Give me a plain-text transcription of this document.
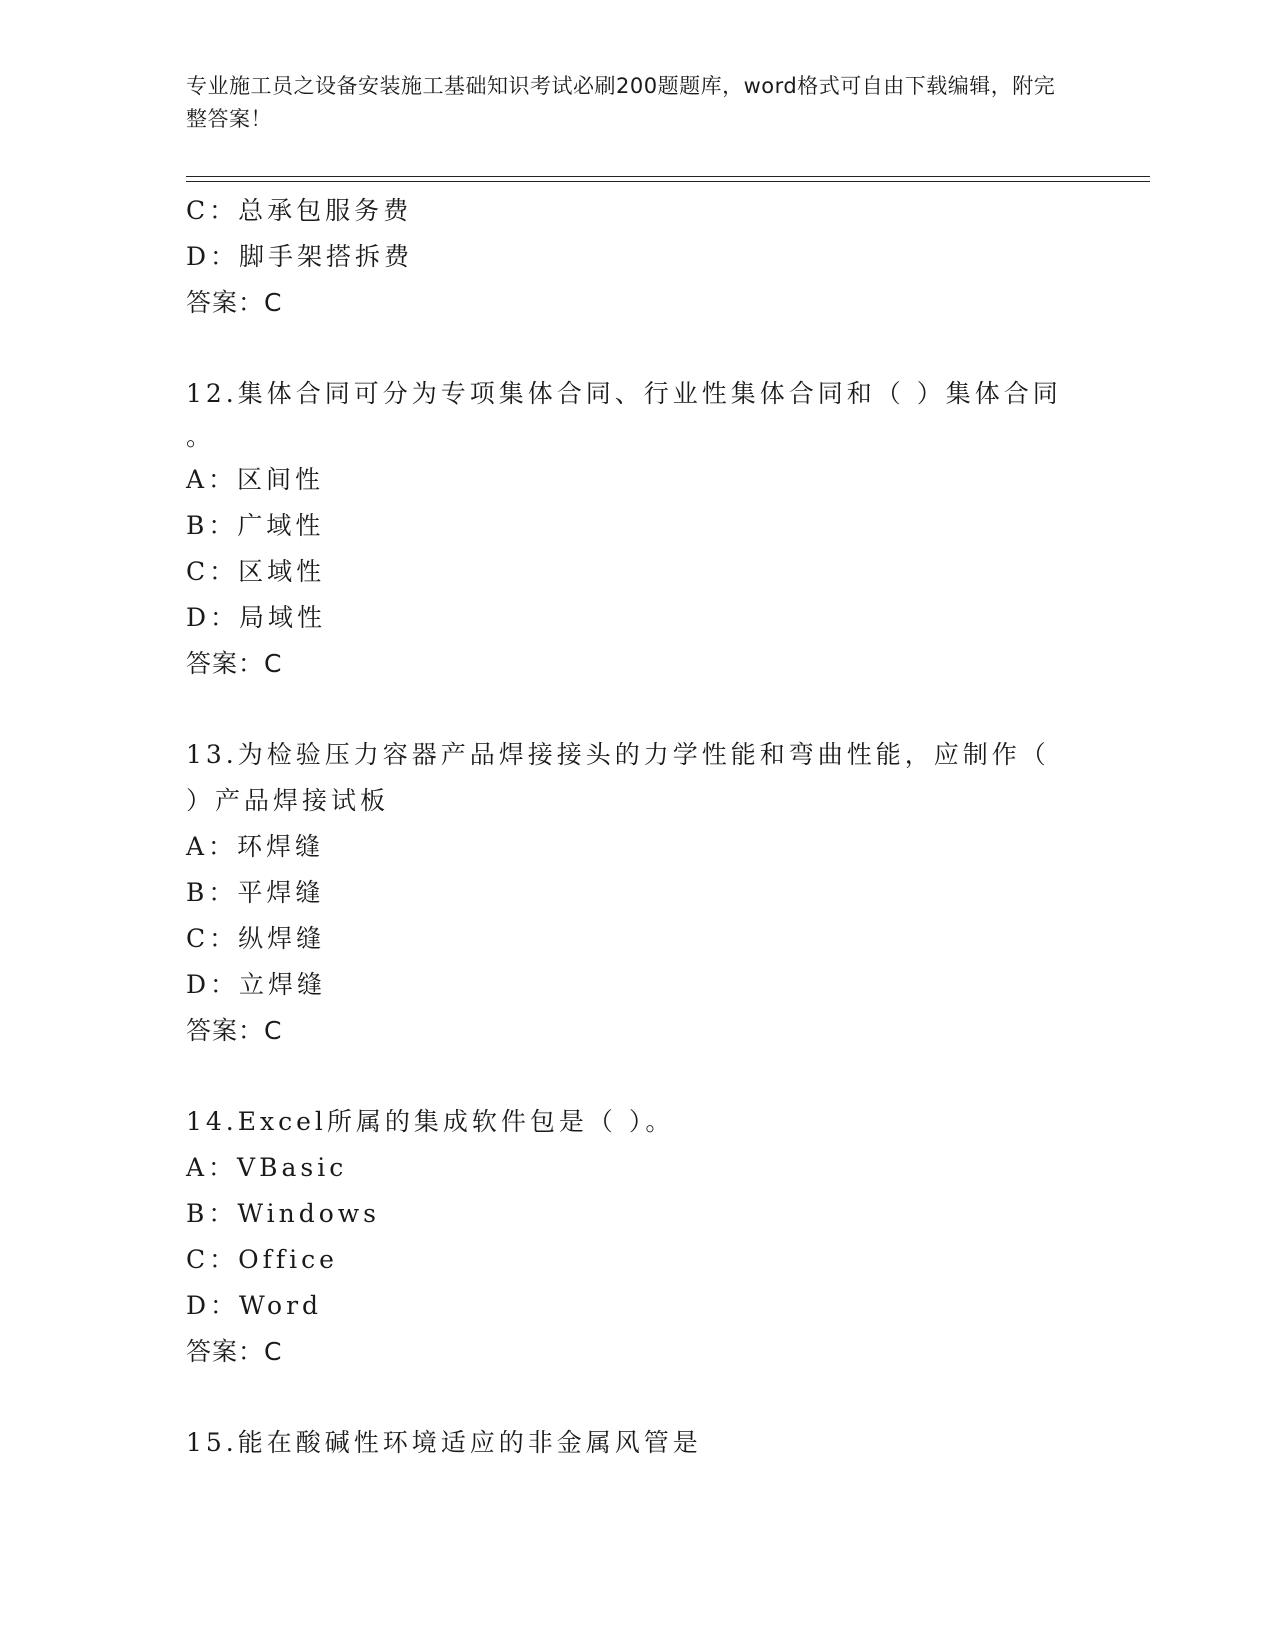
专业施工员之设备安装施工基础知识考试必刷200题题库，word格式可自由下载编辑，附完整答案！
C：总承包服务费
D：脚手架搭拆费
答案：C
12.集体合同可分为专项集体合同、行业性集体合同和（ ）集体合同
。
A：区间性
B：广域性
C：区域性
D：局域性
答案：C
13.为检验压力容器产品焊接接头的力学性能和弯曲性能，应制作（
）产品焊接试板
A：环焊缝
B：平焊缝
C：纵焊缝
D：立焊缝
答案：C
14.Excel所属的集成软件包是（ ）。
A：VBasic
B：Windows
C：Office
D：Word
答案：C
15.能在酸碱性环境适应的非金属风管是
